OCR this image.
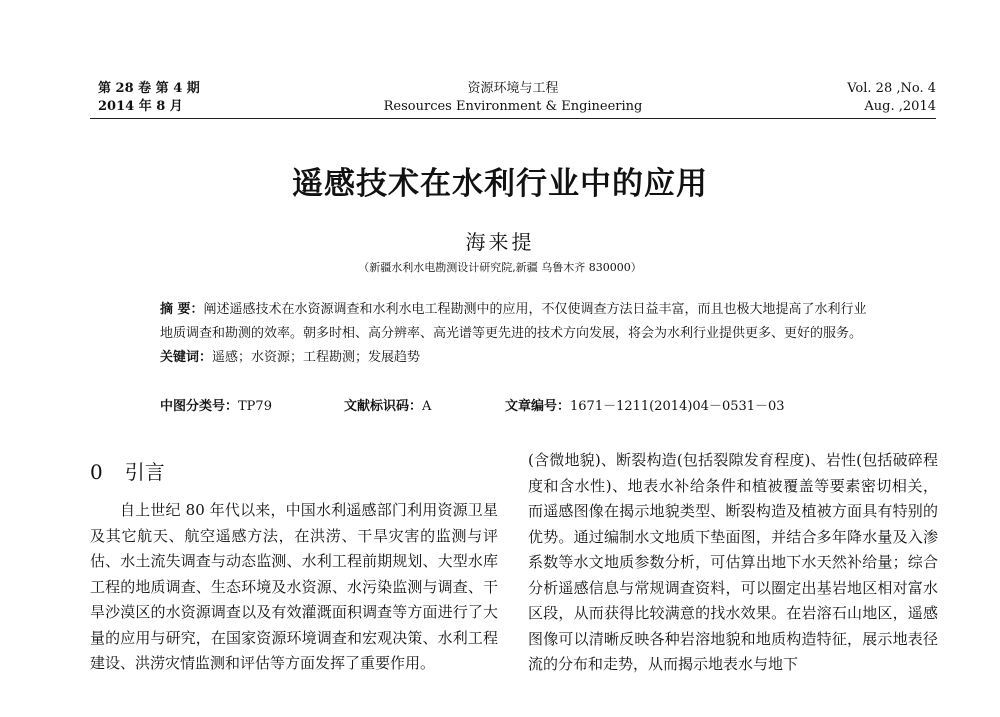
第 28 卷 第 4 期
2014 年 8 月
资源环境与工程
Resources Environment & Engineering
Vol. 28 ,No. 4
Aug. ,2014
遥感技术在水利行业中的应用
海来提
（新疆水利水电勘测设计研究院,新疆 乌鲁木齐 830000）
摘 要：阐述遥感技术在水资源调查和水利水电工程勘测中的应用，不仅使调查方法日益丰富，而且也极大地提高了水利行业地质调查和勘测的效率。朝多时相、高分辨率、高光谱等更先进的技术方向发展，将会为水利行业提供更多、更好的服务。
关键词：遥感；水资源；工程勘测；发展趋势
中图分类号：TP79	文献标识码：A	文章编号：1671－1211(2014)04－0531－03
0 引言

自上世纪 80 年代以来，中国水利遥感部门利用资源卫星及其它航天、航空遥感方法，在洪涝、干旱灾害的监测与评估、水土流失调查与动态监测、水利工程前期规划、大型水库工程的地质调查、生态环境及水资源、水污染监测与调查、干旱沙漠区的水资源调查以及有效灌溉面积调查等方面进行了大量的应用与研究，在国家资源环境调查和宏观决策、水利工程建设、洪涝灾情监测和评估等方面发挥了重要作用。

(含微地貌)、断裂构造(包括裂隙发育程度)、岩性(包括破碎程度和含水性)、地表水补给条件和植被覆盖等要素密切相关，而遥感图像在揭示地貌类型、断裂构造及植被方面具有特别的优势。通过编制水文地质下垫面图，并结合多年降水量及入渗系数等水文地质参数分析，可估算出地下水天然补给量；综合分析遥感信息与常规调查资料，可以圈定出基岩地区相对富水区段，从而获得比较满意的找水效果。在岩溶石山地区，遥感图像可以清晰反映各种岩溶地貌和地质构造特征，展示地表径流的分布和走势，从而揭示地表水与地下
